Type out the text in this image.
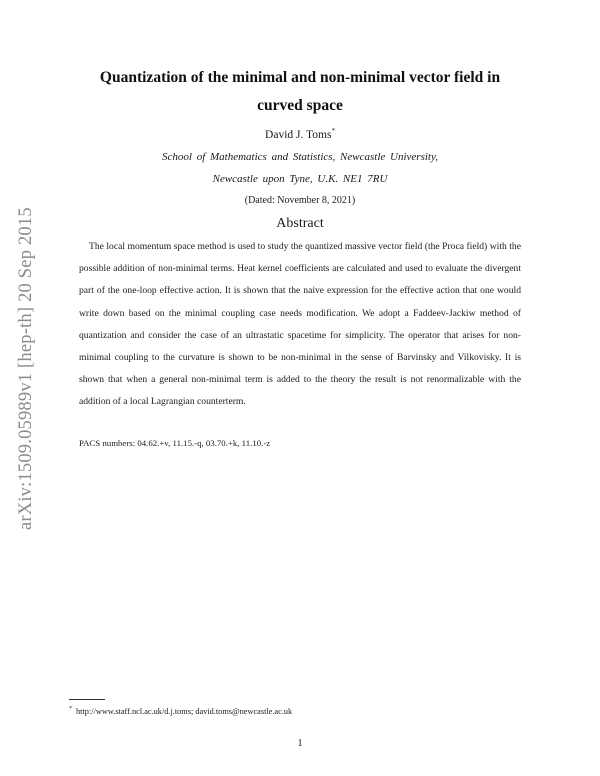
arXiv:1509.05989v1 [hep-th] 20 Sep 2015
Quantization of the minimal and non-minimal vector field in
curved space
David J. Toms*
School of Mathematics and Statistics, Newcastle University,
Newcastle upon Tyne, U.K. NE1 7RU
(Dated: November 8, 2021)
Abstract

The local momentum space method is used to study the quantized massive vector field (the Proca field) with the possible addition of non-minimal terms. Heat kernel coefficients are calculated and used to evaluate the divergent part of the one-loop effective action. It is shown that the naive expression for the effective action that one would write down based on the minimal coupling case needs modification. We adopt a Faddeev-Jackiw method of quantization and consider the case of an ultrastatic spacetime for simplicity. The operator that arises for non-minimal coupling to the curvature is shown to be non-minimal in the sense of Barvinsky and Vilkovisky. It is shown that when a general non-minimal term is added to the theory the result is not renormalizable with the addition of a local Lagrangian counterterm.

PACS numbers: 04.62.+v, 11.15.-q, 03.70.+k, 11.10.-z
* http://www.staff.ncl.ac.uk/d.j.toms; david.toms@newcastle.ac.uk
1
